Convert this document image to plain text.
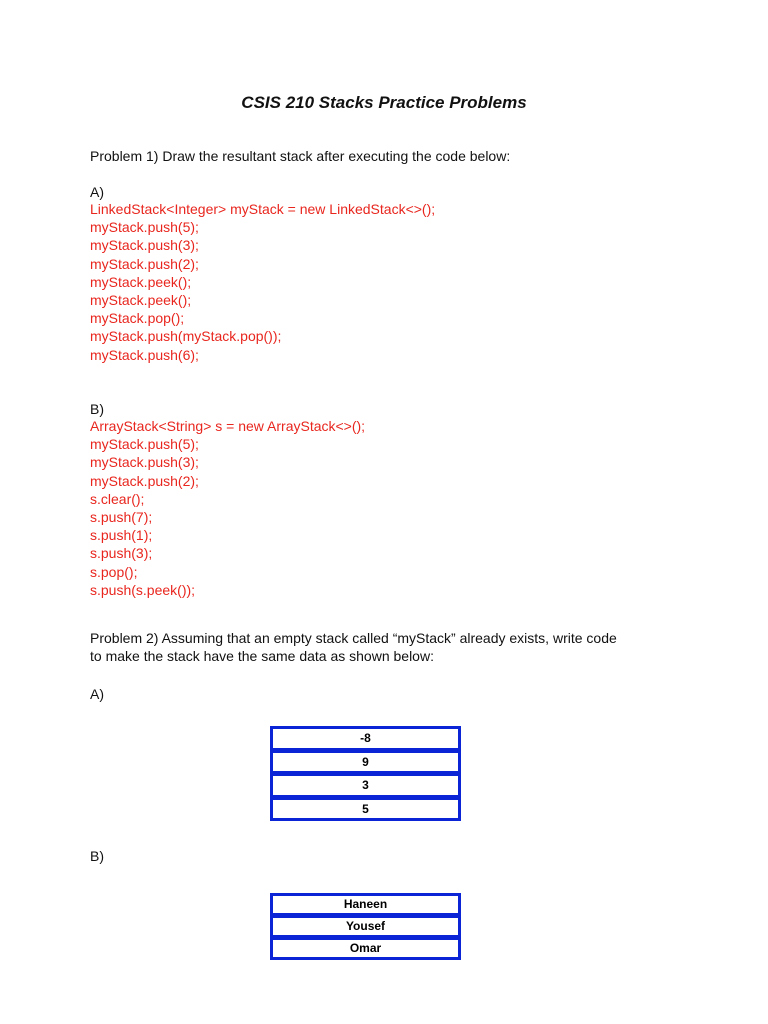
CSIS 210 Stacks Practice Problems

Problem 1) Draw the resultant stack after executing the code below:

A)

LinkedStack<Integer> myStack = new LinkedStack<>();
myStack.push(5);
myStack.push(3);
myStack.push(2);
myStack.peek();
myStack.peek();
myStack.pop();
myStack.push(myStack.pop());
myStack.push(6);

B)

ArrayStack<String> s = new ArrayStack<>();
myStack.push(5);
myStack.push(3);
myStack.push(2);
s.clear();
s.push(7);
s.push(1);
s.push(3);
s.pop();
s.push(s.peek());

Problem 2) Assuming that an empty stack called “myStack” already exists, write code

to make the stack have the same data as shown below:

A)

-8
9
3
5

B)

Haneen
Yousef
Omar
